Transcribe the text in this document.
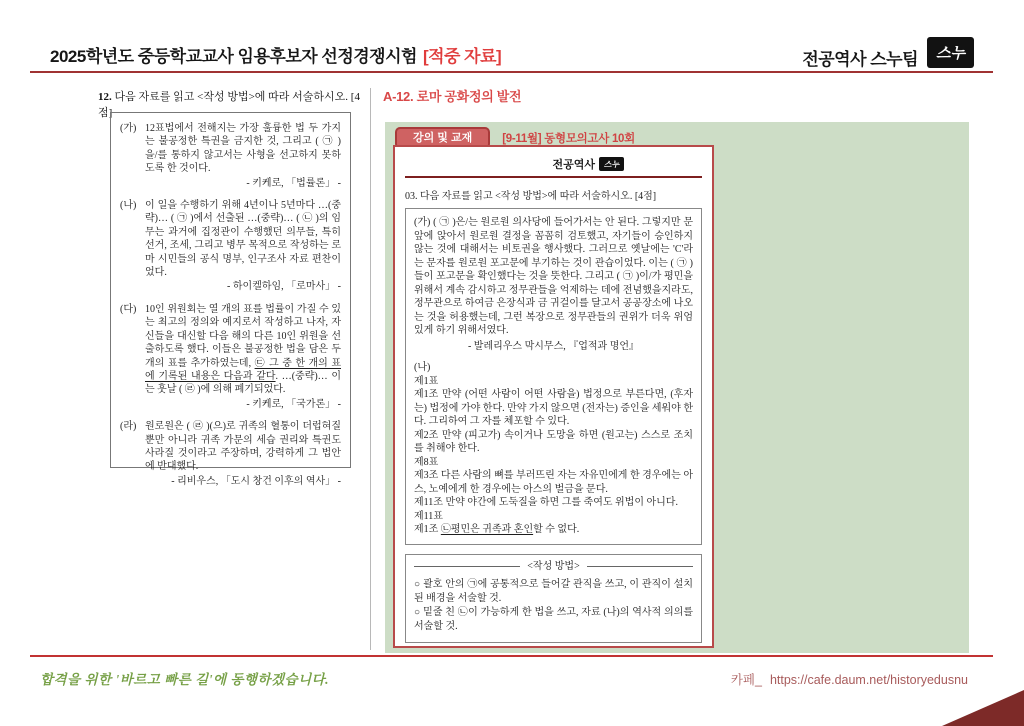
2025학년도 중등학교교사 임용후보자 선정경쟁시험 [적중 자료]	전공역사 스누팀 스누
12. 다음 자료를 읽고 <작성 방법>에 따라 서술하시오. [4점]
(가) 12표법에서 전해지는 가장 훌륭한 법 두 가지는 불공정한 특권을 금지한 것, 그리고 ( ㉠ )을/를 통하지 않고서는 사형을 선고하지 못하도록 한 것이다.
- 키케로, 「법률론」 -
(나) 이 일을 수행하기 위해 4년이나 5년마다 …(중략)… ( ㉠ )에서 선출된 …(중략)… ( ㉡ )의 임무는 과거에 집정관이 수행했던 의무들, 특히 선거, 조세, 그리고 병무 목적으로 작성하는 로마 시민들의 공식 명부, 인구조사 자료 편찬이었다.
- 하이켈하임, 「로마사」 -
(다) 10인 위원회는 열 개의 표를 법률이 가질 수 있는 최고의 정의와 예지로서 작성하고 나자, 자신들을 대신할 다음 해의 다른 10인 위원을 선출하도록 했다. 이들은 불공정한 법을 담은 두 개의 표를 추가하였는데, ㉢ 그 중 한 개의 표에 기록된 내용은 다음과 같다. …(중략)… 이는 훗날 ( ㉣ )에 의해 폐기되었다.
- 키케로, 「국가론」 -
(라) 원로원은 ( ㉣ )(으)로 귀족의 혈통이 더럽혀질 뿐만 아니라 귀족 가문의 세습 권리와 특권도 사라질 것이라고 주장하며, 강력하게 그 법안에 반대했다.
- 리비우스, 「도시 창건 이후의 역사」 -
A-12. 로마 공화정의 발전
강의 및 교재	[9-11월] 동형모의고사 10회
전공역사 스누
03. 다음 자료를 읽고 <작성 방법>에 따라 서술하시오. [4점]

(가) ( ㉠ )은/는 원로원 의사당에 들어가서는 안 된다. 그렇지만 문 앞에 앉아서 원로원 결정을 꼼꼼히 검토했고, 자기들이 승인하지 않는 것에 대해서는 비토권을 행사했다. 그러므로 옛날에는 'C'라는 문자를 원로원 포고문에 부기하는 것이 관습이었다. 이는 ( ㉠ )들이 포고문을 확인했다는 것을 뜻한다. 그리고 ( ㉠ )이/가 평민을 위해서 계속 감시하고 정무관들을 억제하는 데에 전념했을지라도, 정무관으로 하여금 은장식과 금 귀걸이를 달고서 공공장소에 나오는 것을 허용했는데, 그런 복장으로 정무관들의 권위가 더욱 위엄 있게 하기 위해서였다.

- 발레리우스 막시무스, 『업적과 명언』

(나)

제1표

제1조 만약 (어떤 사람이 어떤 사람을) 법정으로 부른다면, (후자는) 법정에 가야 한다. 만약 가지 않으면 (전자는) 증인을 세워야 한다. 그리하여 그 자를 체포할 수 있다.

제2조 만약 (피고가) 속이거나 도망을 하면 (원고는) 스스로 조치를 취해야 한다.

제8표

제3조 다른 사람의 뼈를 부러뜨린 자는 자유민에게 한 경우에는 아스, 노예에게 한 경우에는 아스의 벌금을 문다.

제11조 만약 야간에 도둑질을 하면 그를 죽여도 위법이 아니다.

제11표

제1조 ㉡평민은 귀족과 혼인할 수 없다.

<작성 방법>

○ 괄호 안의 ㉠에 공통적으로 들어갈 관직을 쓰고, 이 관직이 설치된 배경을 서술할 것.

○ 밑줄 친 ㉡이 가능하게 한 법을 쓰고, 자료 (나)의 역사적 의의를 서술할 것.

합격을 위한 '바르고 빠른 길'에 동행하겠습니다.	카페_ https://cafe.daum.net/historyedusnu
